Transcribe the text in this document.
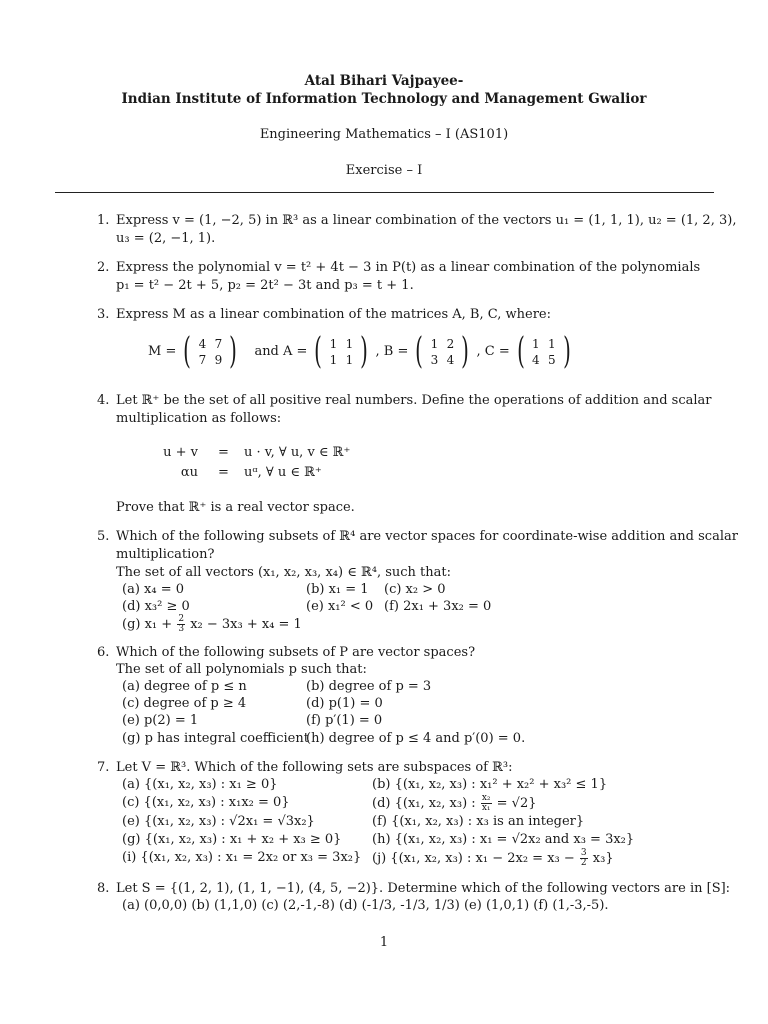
Atal Bihari Vajpayee-
Indian Institute of Information Technology and Management Gwalior
Engineering Mathematics – I (AS101)
Exercise – I
1. Express v = (1, −2, 5) in ℝ³ as a linear combination of the vectors u₁ = (1, 1, 1), u₂ = (1, 2, 3),
u₃ = (2, −1, 1).
2. Express the polynomial v = t² + 4t − 3 in P(t) as a linear combination of the polynomials
p₁ = t² − 2t + 5, p₂ = 2t² − 3t and p₃ = t + 1.
3. Express M as a linear combination of the matrices A, B, C, where:
M = ( 4 7
7 9 ) and A = ( 1 1
1 1 ) , B = ( 1 2
3 4 ) , C = ( 1 1
4 5 )
4. Let ℝ⁺ be the set of all positive real numbers. Define the operations of addition and scalar
multiplication as follows:
u + v = u · v, ∀ u, v ∈ ℝ⁺
αu = uᵅ, ∀ u ∈ ℝ⁺
Prove that ℝ⁺ is a real vector space.
5. Which of the following subsets of ℝ⁴ are vector spaces for coordinate-wise addition and scalar
multiplication?
The set of all vectors (x₁, x₂, x₃, x₄) ∈ ℝ⁴, such that:
(a) x₄ = 0	(b) x₁ = 1 (c) x₂ > 0
(d) x₃² ≥ 0	(e) x₁² < 0 (f) 2x₁ + 3x₂ = 0
(g) $x_1 + \frac{2}{3} x_2 - 3x_3 + x_4 = 1$
6. Which of the following subsets of P are vector spaces?
The set of all polynomials p such that:
(a) degree of p ≤ n	(b) degree of p = 3
(c) degree of p ≥ 4	(d) p(1) = 0
(e) p(2) = 1	(f) p′(1) = 0
(g) p has integral coefficient
(h) degree of p ≤ 4 and p′(0) = 0.
7. Let V = ℝ³. Which of the following sets are subspaces of ℝ³:
(a) {(x₁, x₂, x₃) : x₁ ≥ 0}	(b) {(x₁, x₂, x₃) : x₁² + x₂² + x₃² ≤ 1}
(c) {(x₁, x₂, x₃) : x₁x₂ = 0}	(d) {(x₁, x₂, x₃) : $\frac{\text{x₂}}{\text{x₁}} = √2$}
(e) {(x₁, x₂, x₃) : √2x₁ = √3x₂}	(f) {(x₁, x₂, x₃) : x₃ is an integer}
(g) {(x₁, x₂, x₃) : x₁ + x₂ + x₃ ≥ 0} (h) {(x₁, x₂, x₃) : x₁ = √2x₂ and x₃ = 3x₂}
(i) {(x₁, x₂, x₃) : x₁ = 2x₂ or x₃ = 3x₂} (j) {(x₁, x₂, x₃) : $x_1 - 2x_2 = x_3 - \frac{3}{2} x_3$}
8. Let S = {(1, 2, 1), (1, 1, −1), (4, 5, −2)}. Determine which of the following vectors are in [S]:
(a) (0,0,0) (b) (1,1,0) (c) (2,-1,-8) (d) (-1/3, -1/3, 1/3) (e) (1,0,1) (f) (1,-3,-5).
1
